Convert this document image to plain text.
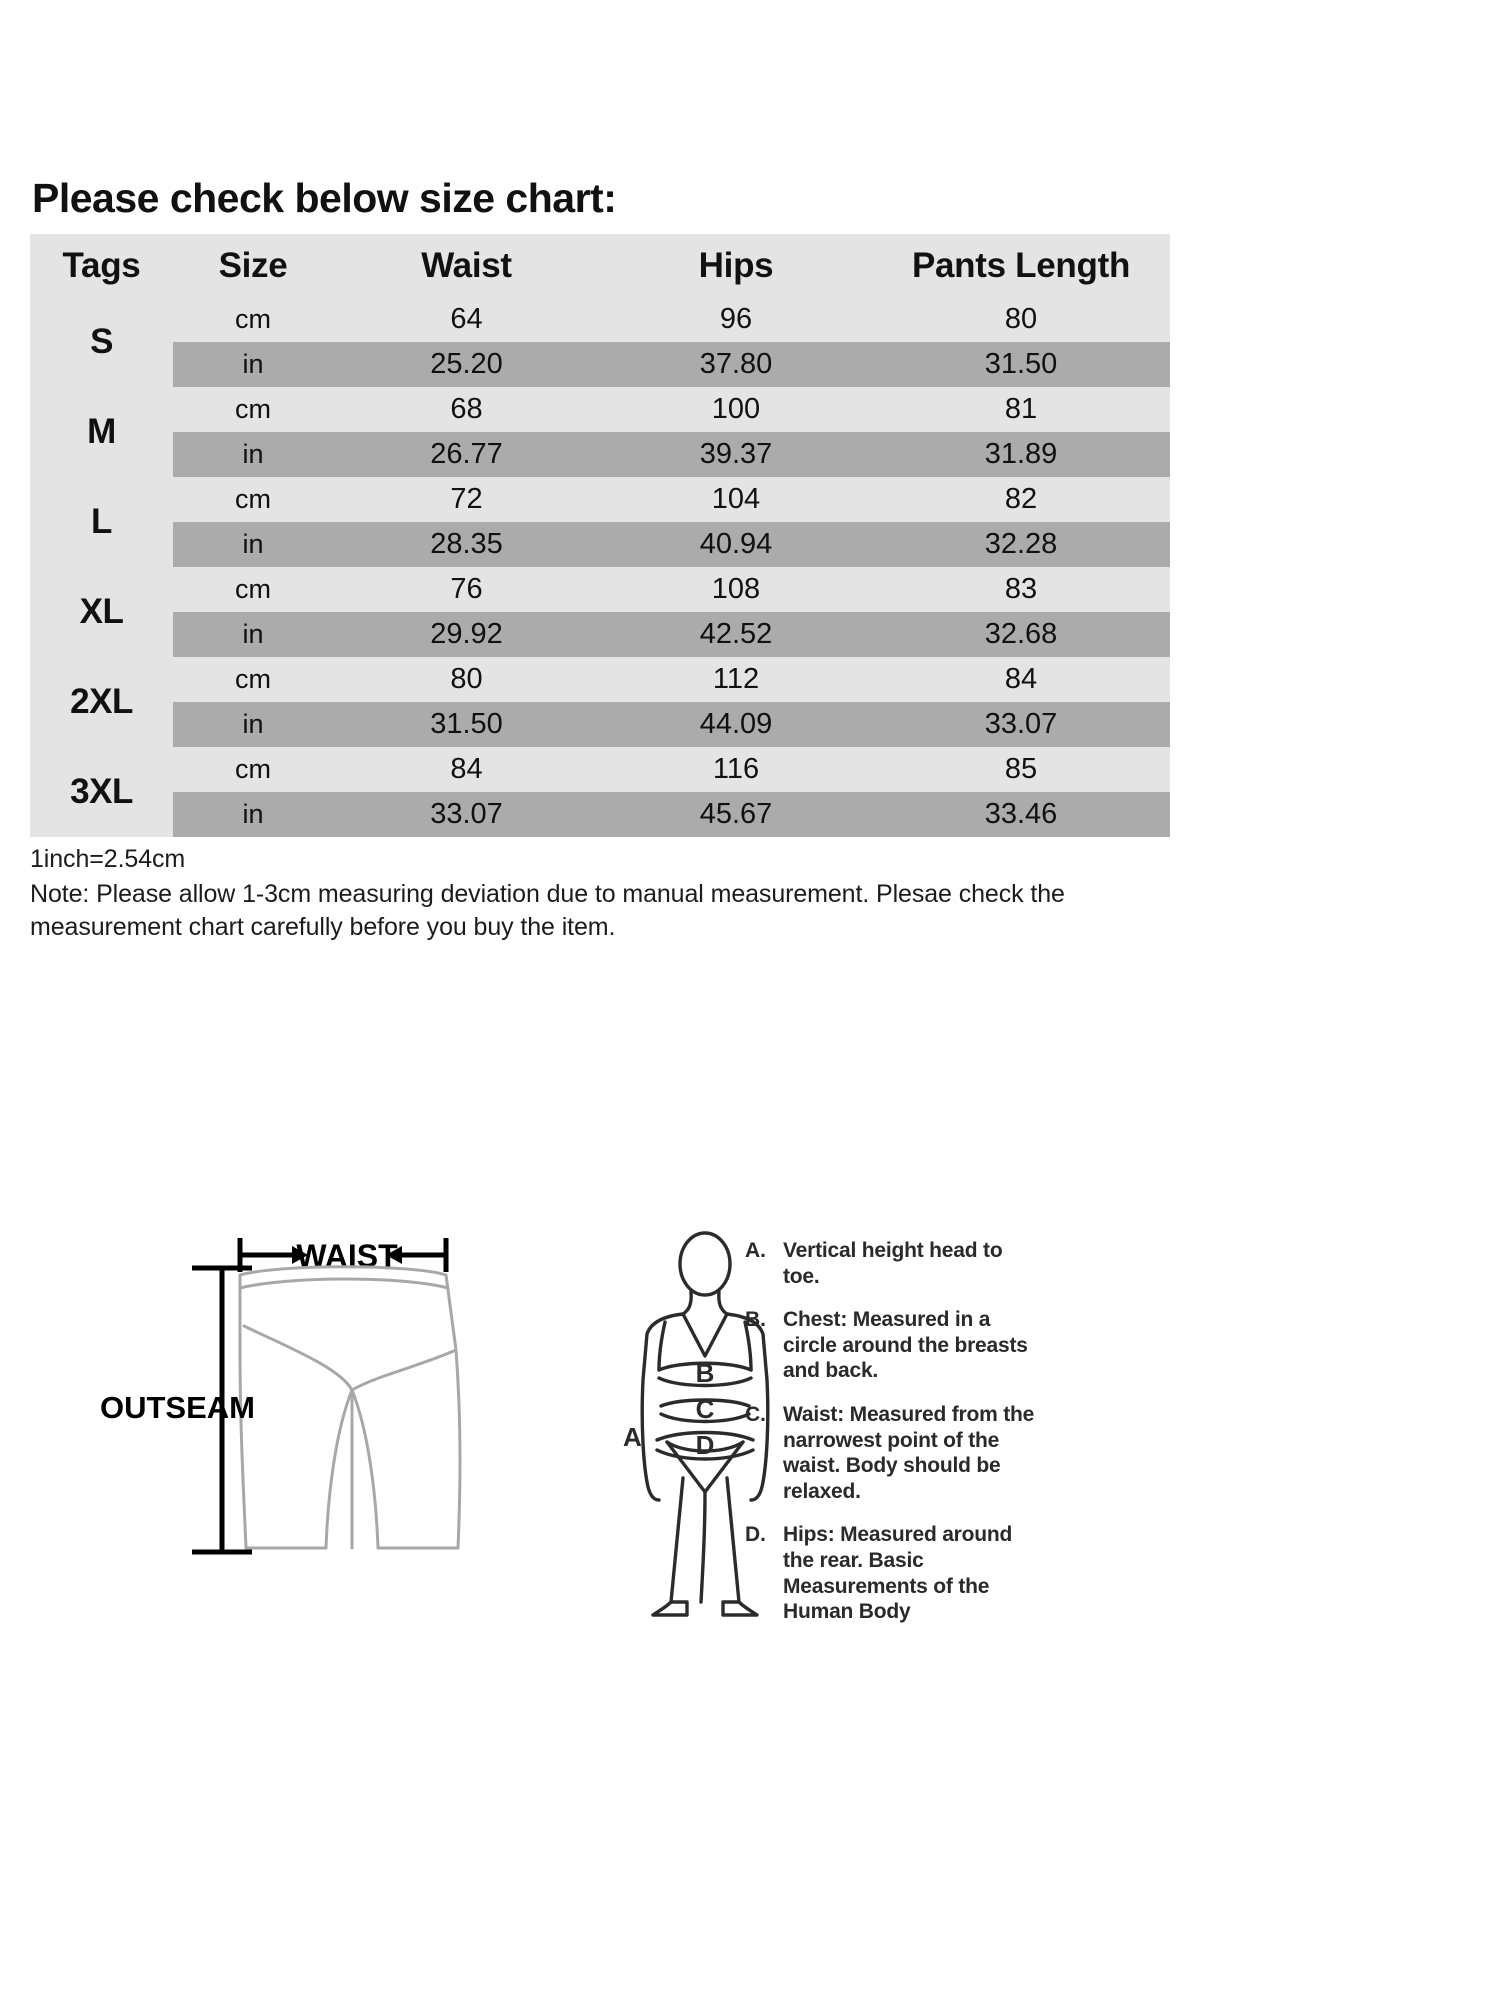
Please check below size chart:
Tags	Size	Waist	Hips	Pants Length
S	cm	64	96	80
	in	25.20	37.80	31.50
M	cm	68	100	81
	in	26.77	39.37	31.89
L	cm	72	104	82
	in	28.35	40.94	32.28
XL	cm	76	108	83
	in	29.92	42.52	32.68
2XL	cm	80	112	84
	in	31.50	44.09	33.07
3XL	cm	84	116	85
	in	33.07	45.67	33.46
1inch=2.54cm
Note: Please allow 1-3cm measuring deviation due to manual measurement. Plesae check the measurement chart carefully before you buy the item.
WAIST
OUTSEAM
A
B
C
D
A. Vertical height head to toe.
B. Chest: Measured in a circle around the breasts and back.
C. Waist: Measured from the narrowest point of the waist. Body should be relaxed.
D. Hips: Measured around the rear. Basic Measurements of the Human Body
